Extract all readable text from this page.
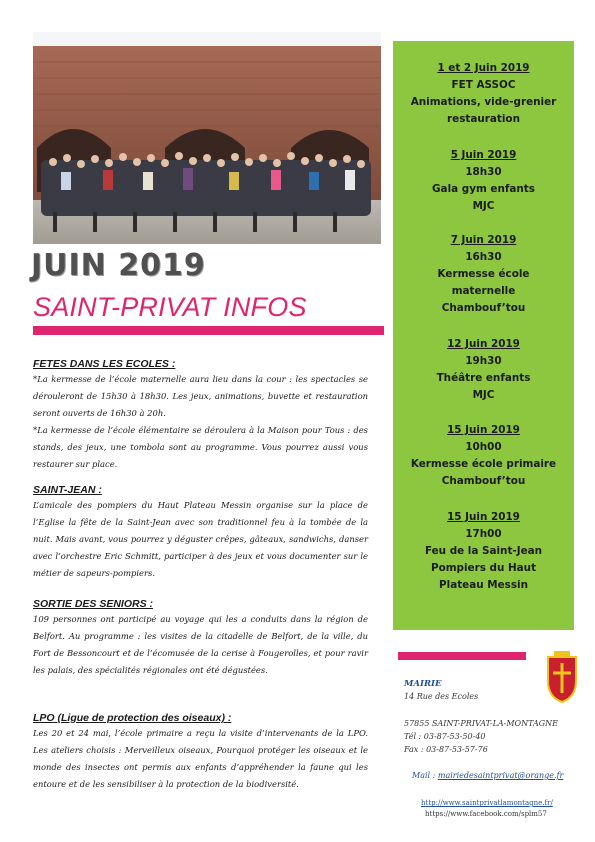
JUIN 2019
SAINT-PRIVAT INFOS
FETES DANS LES ECOLES :

*La kermesse de l’école maternelle aura lieu dans la cour : les spectacles se dérouleront de 15h30 à 18h30. Les jeux, animations, buvette et restauration seront ouverts de 16h30 à 20h.

*La kermesse de l’école élémentaire se déroulera à la Maison pour Tous : des stands, des jeux, une tombola sont au programme. Vous pourrez aussi vous restaurer sur place.

SAINT-JEAN :

L’amicale des pompiers du Haut Plateau Messin organise sur la place de l’Eglise la fête de la Saint-Jean avec son traditionnel feu à la tombée de la nuit. Mais avant, vous pourrez y déguster crêpes, gâteaux, sandwichs, danser avec l’orchestre Eric Schmitt, participer à des jeux et vous documenter sur le métier de sapeurs-pompiers.

SORTIE DES SENIORS :

109 personnes ont participé au voyage qui les a conduits dans la région de Belfort. Au programme : les visites de la citadelle de Belfort, de la ville, du Fort de Bessoncourt et de l’écomusée de la cerise à Fougerolles, et pour ravir les palais, des spécialités régionales ont été dégustées.

LPO (Ligue de protection des oiseaux) :

Les 20 et 24 mai, l’école primaire a reçu la visite d’intervenants de la LPO. Les ateliers choisis : Merveilleux oiseaux, Pourquoi protéger les oiseaux et le monde des insectes ont permis aux enfants d’appréhender la faune qui les entoure et de les sensibiliser à la protection de la biodiversité.

1 et 2 Juin 2019
FET ASSOC
Animations, vide-grenier
restauration
5 Juin 2019
18h30
Gala gym enfants
MJC
7 Juin 2019
16h30
Kermesse école
maternelle
Chambouf’tou
12 Juin 2019
19h30
Théâtre enfants
MJC
15 Juin 2019
10h00
Kermesse école primaire
Chambouf’tou
15 Juin 2019
17h00
Feu de la Saint-Jean
Pompiers du Haut
Plateau Messin
MAIRIE
14 Rue des Ecoles
57855 SAINT-PRIVAT-LA-MONTAGNE
Tél : 03-87-53-50-40
Fax : 03-87-53-57-76
Mail : mairiedesaintprivat@orange.fr
http://www.saintprivatlamontagne.fr/
https://www.facebook.com/splm57
